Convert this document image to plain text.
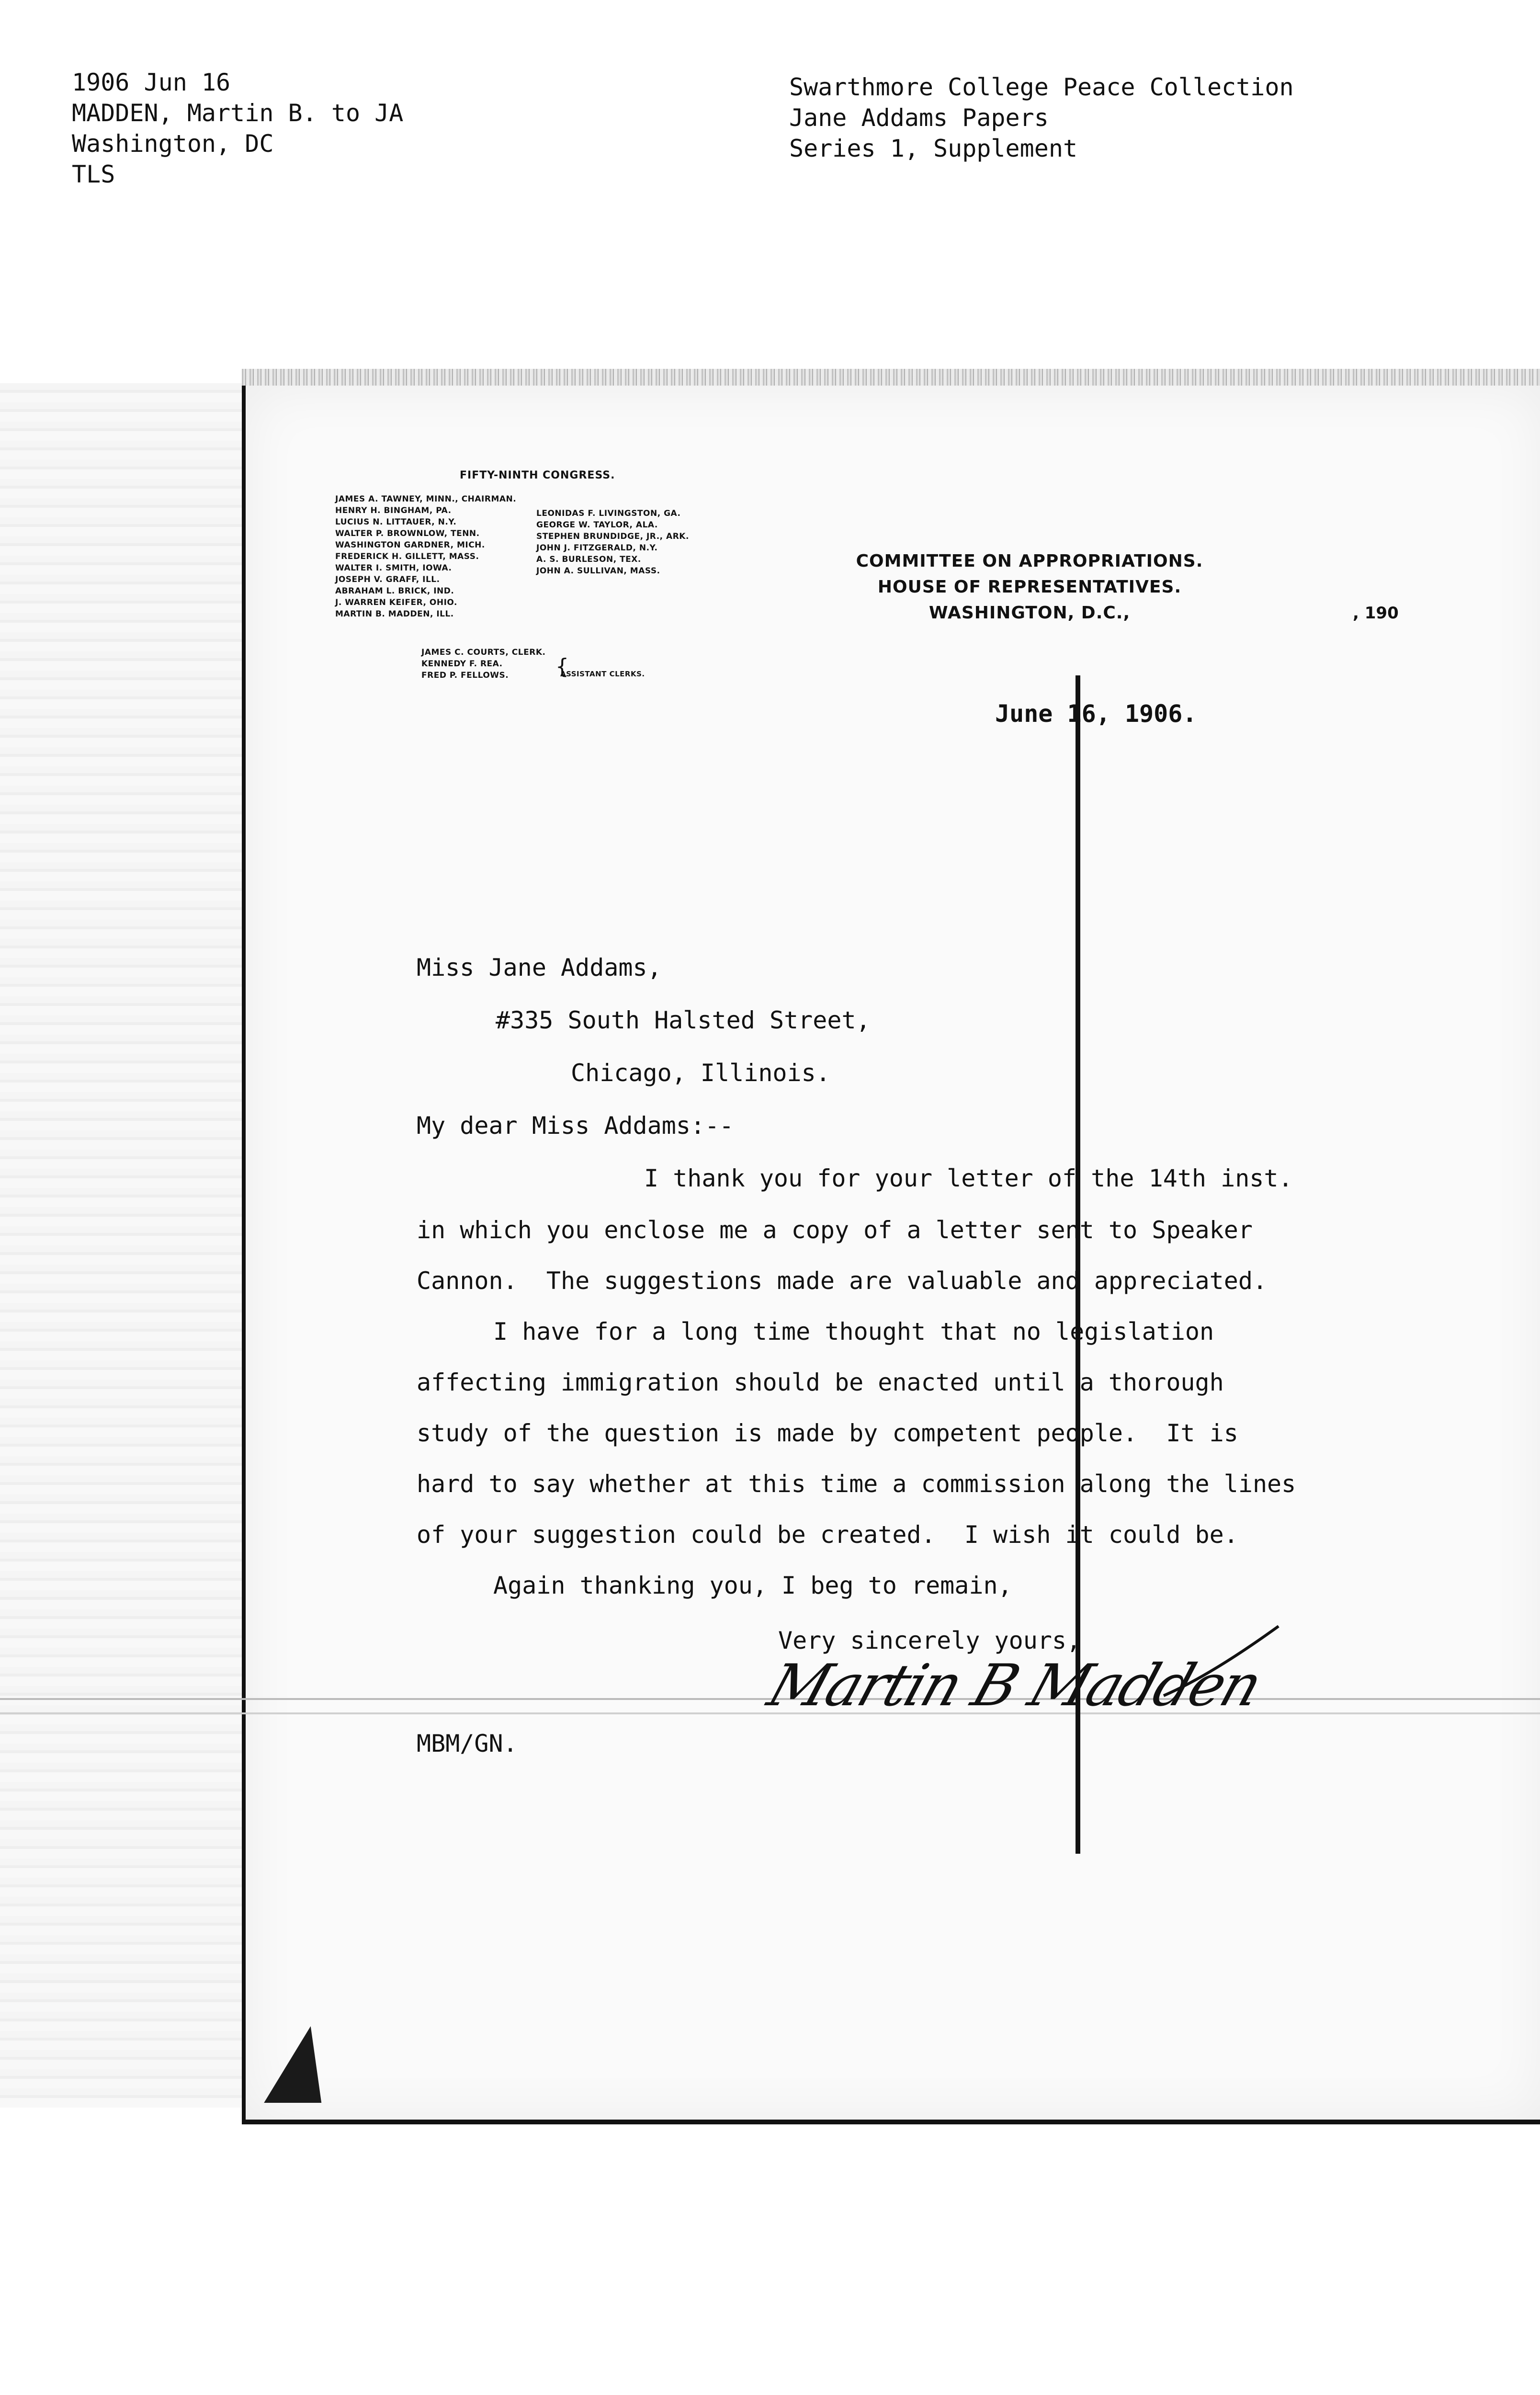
1906 Jun 16
MADDEN, Martin B. to JA
Washington, DC
TLS
Swarthmore College Peace Collection
Jane Addams Papers
Series 1, Supplement
FIFTY-NINTH CONGRESS.
JAMES A. TAWNEY, MINN., CHAIRMAN.
HENRY H. BINGHAM, PA.
LUCIUS N. LITTAUER, N.Y.
WALTER P. BROWNLOW, TENN.
WASHINGTON GARDNER, MICH.
FREDERICK H. GILLETT, MASS.
WALTER I. SMITH, IOWA.
JOSEPH V. GRAFF, ILL.
ABRAHAM L. BRICK, IND.
J. WARREN KEIFER, OHIO.
MARTIN B. MADDEN, ILL.
LEONIDAS F. LIVINGSTON, GA.
GEORGE W. TAYLOR, ALA.
STEPHEN BRUNDIDGE, JR., ARK.
JOHN J. FITZGERALD, N.Y.
A. S. BURLESON, TEX.
JOHN A. SULLIVAN, MASS.
JAMES C. COURTS, CLERK.
KENNEDY F. REA.
FRED P. FELLOWS.	{
ASSISTANT CLERKS.
COMMITTEE ON APPROPRIATIONS.
HOUSE OF REPRESENTATIVES.
WASHINGTON, D.C.,	, 190
June 16, 1906.
Miss Jane Addams,
#335 South Halsted Street,
Chicago, Illinois.
My dear Miss Addams:--
I thank you for your letter of the 14th inst.
in which you enclose me a copy of a letter sent to Speaker
Cannon.  The suggestions made are valuable and appreciated.
I have for a long time thought that no legislation
affecting immigration should be enacted until a thorough
study of the question is made by competent people.  It is
hard to say whether at this time a commission along the lines
of your suggestion could be created.  I wish it could be.
Again thanking you, I beg to remain,
Very sincerely yours,
Martin B Madden
MBM/GN.
